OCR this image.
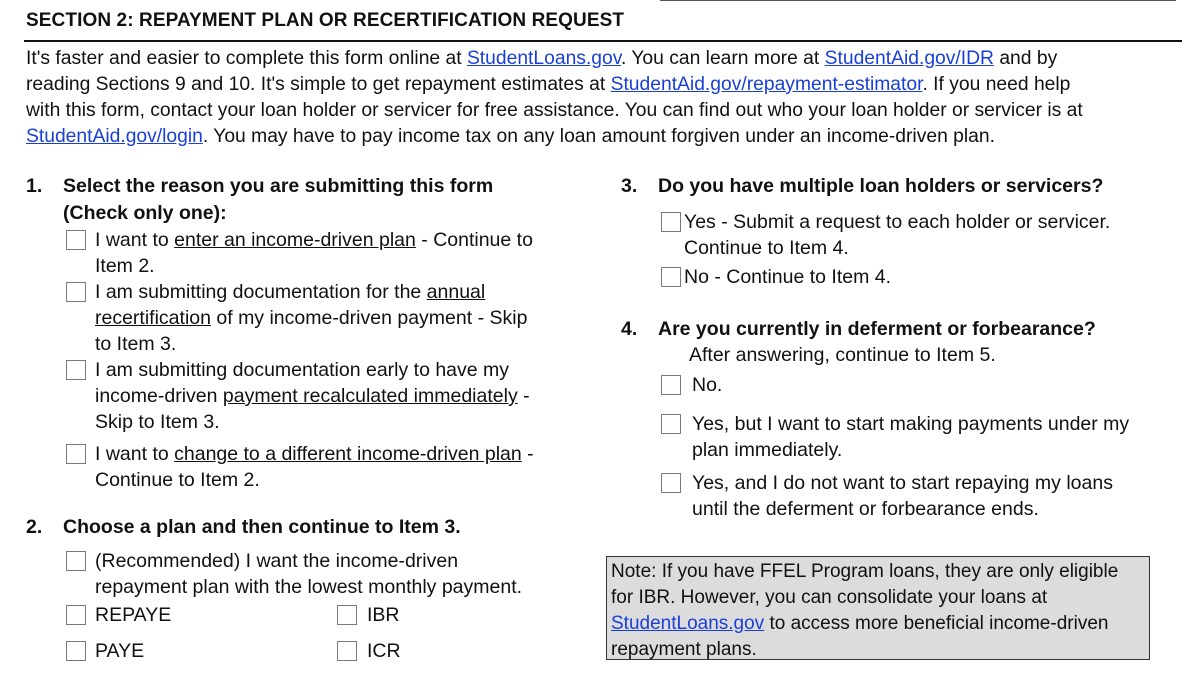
SECTION 2: REPAYMENT PLAN OR RECERTIFICATION REQUEST

It's faster and easier to complete this form online at StudentLoans.gov. You can learn more at StudentAid.gov/IDR and by

reading Sections 9 and 10. It's simple to get repayment estimates at StudentAid.gov/repayment-estimator. If you need help

with this form, contact your loan holder or servicer for free assistance. You can find out who your loan holder or servicer is at

StudentAid.gov/login. You may have to pay income tax on any loan amount forgiven under an income-driven plan.

1. Select the reason you are submitting this form
(Check only one):
I want to enter an income-driven plan - Continue to
Item 2.
I am submitting documentation for the annual
recertification of my income-driven payment - Skip
to Item 3.
I am submitting documentation early to have my
income-driven payment recalculated immediately -
Skip to Item 3.
I want to change to a different income-driven plan -
Continue to Item 2.
2. Choose a plan and then continue to Item 3.
(Recommended) I want the income-driven
repayment plan with the lowest monthly payment.
REPAYE	IBR
PAYE	ICR
3. Do you have multiple loan holders or servicers?
Yes - Submit a request to each holder or servicer.
Continue to Item 4.
No - Continue to Item 4.
4. Are you currently in deferment or forbearance?
After answering, continue to Item 5.
No.
Yes, but I want to start making payments under my
plan immediately.
Yes, and I do not want to start repaying my loans
until the deferment or forbearance ends.

Note: If you have FFEL Program loans, they are only eligible

for IBR. However, you can consolidate your loans at

StudentLoans.gov to access more beneficial income-driven

repayment plans.
